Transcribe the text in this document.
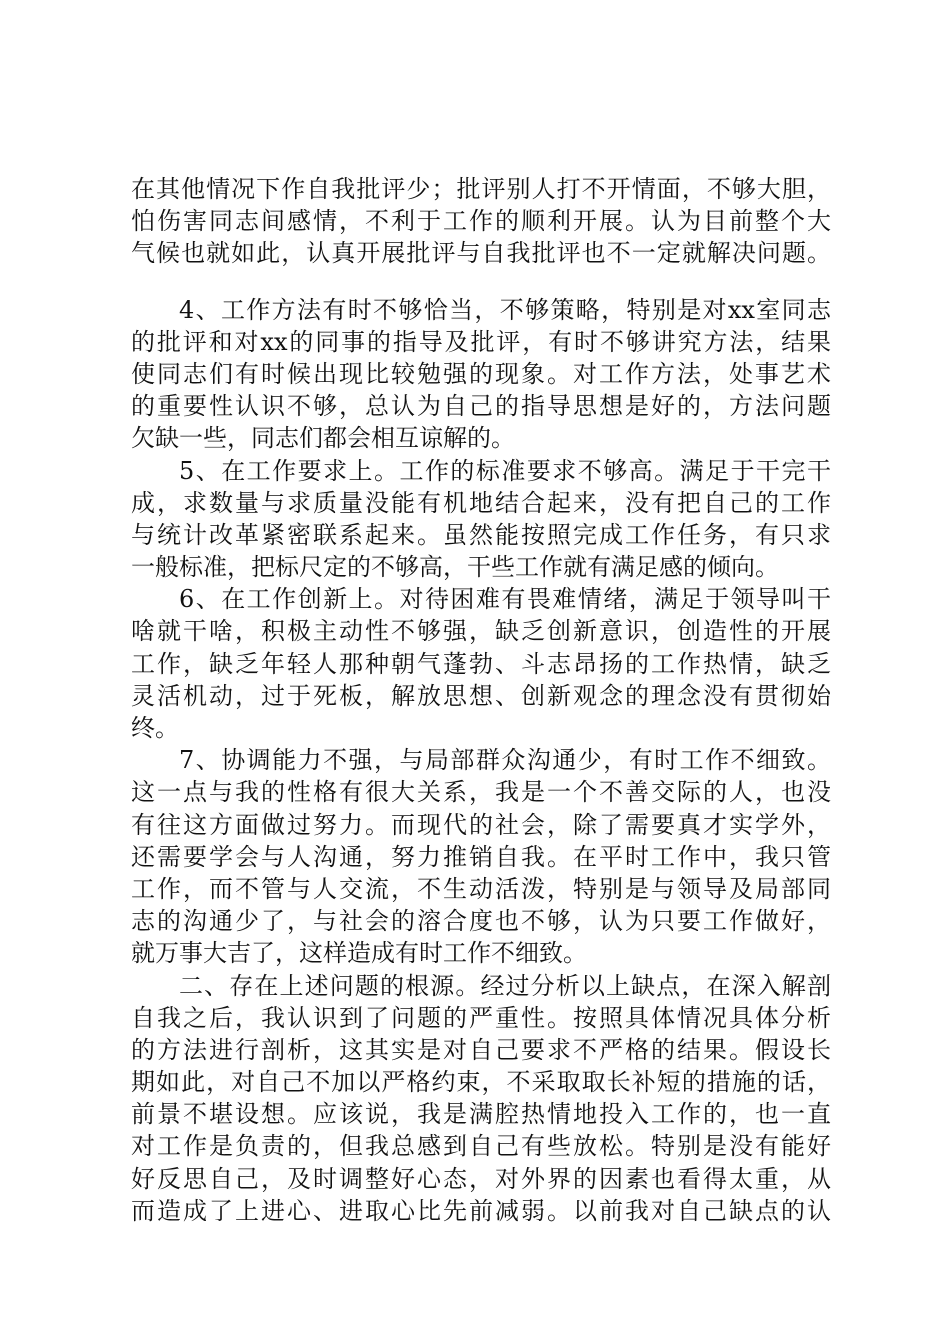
在其他情况下作自我批评少；批评别人打不开情面，不够大胆，
怕伤害同志间感情，不利于工作的顺利开展。认为目前整个大
气候也就如此，认真开展批评与自我批评也不一定就解决问题。
4、工作方法有时不够恰当，不够策略，特别是对xx室同志
的批评和对xx的同事的指导及批评，有时不够讲究方法，结果
使同志们有时候出现比较勉强的现象。对工作方法，处事艺术
的重要性认识不够，总认为自己的指导思想是好的，方法问题
欠缺一些，同志们都会相互谅解的。
5、在工作要求上。工作的标准要求不够高。满足于干完干
成，求数量与求质量没能有机地结合起来，没有把自己的工作
与统计改革紧密联系起来。虽然能按照完成工作任务，有只求
一般标准，把标尺定的不够高，干些工作就有满足感的倾向。
6、在工作创新上。对待困难有畏难情绪，满足于领导叫干
啥就干啥，积极主动性不够强，缺乏创新意识，创造性的开展
工作，缺乏年轻人那种朝气蓬勃、斗志昂扬的工作热情，缺乏
灵活机动，过于死板，解放思想、创新观念的理念没有贯彻始
终。
7、协调能力不强，与局部群众沟通少，有时工作不细致。
这一点与我的性格有很大关系，我是一个不善交际的人，也没
有往这方面做过努力。而现代的社会，除了需要真才实学外，
还需要学会与人沟通，努力推销自我。在平时工作中，我只管
工作，而不管与人交流，不生动活泼，特别是与领导及局部同
志的沟通少了，与社会的溶合度也不够，认为只要工作做好，
就万事大吉了，这样造成有时工作不细致。
二、存在上述问题的根源。经过分析以上缺点，在深入解剖
自我之后，我认识到了问题的严重性。按照具体情况具体分析
的方法进行剖析，这其实是对自己要求不严格的结果。假设长
期如此，对自己不加以严格约束，不采取取长补短的措施的话，
前景不堪设想。应该说，我是满腔热情地投入工作的，也一直
对工作是负责的，但我总感到自己有些放松。特别是没有能好
好反思自己，及时调整好心态，对外界的因素也看得太重，从
而造成了上进心、进取心比先前减弱。以前我对自己缺点的认
